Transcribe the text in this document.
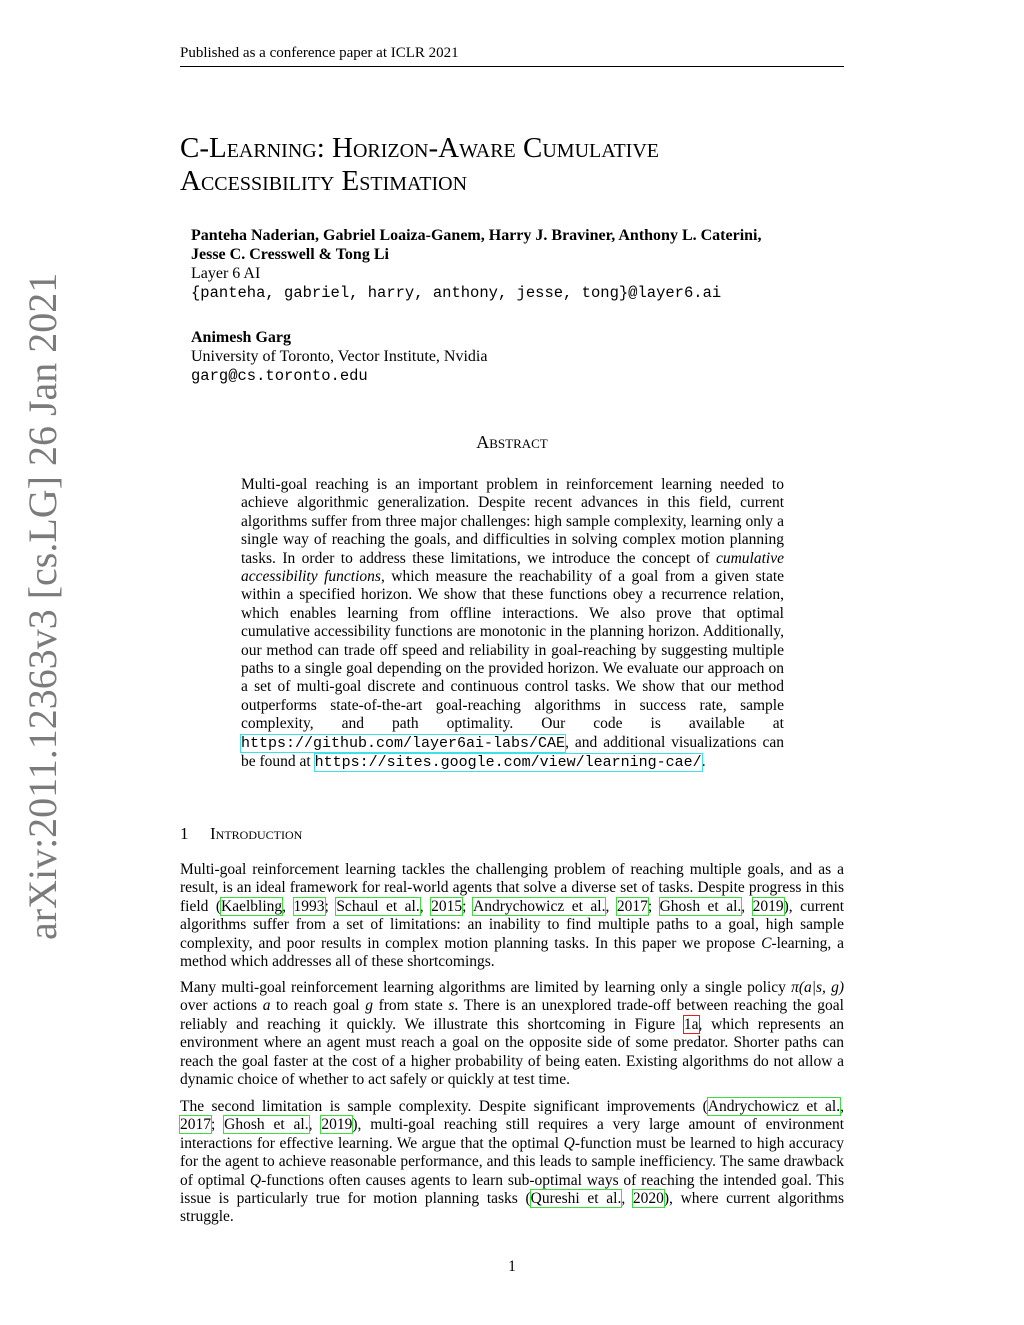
Published as a conference paper at ICLR 2021
arXiv:2011.12363v3 [cs.LG] 26 Jan 2021
C-Learning: Horizon-Aware Cumulative
Accessibility Estimation
Panteha Naderian, Gabriel Loaiza-Ganem, Harry J. Braviner, Anthony L. Caterini,
Jesse C. Cresswell & Tong Li
Layer 6 AI
{panteha, gabriel, harry, anthony, jesse, tong}@layer6.ai
Animesh Garg
University of Toronto, Vector Institute, Nvidia
garg@cs.toronto.edu
Abstract

Multi-goal reaching is an important problem in reinforcement learning needed to achieve algorithmic generalization. Despite recent advances in this field, current algorithms suffer from three major challenges: high sample complexity, learning only a single way of reaching the goals, and difficulties in solving complex motion planning tasks. In order to address these limitations, we introduce the concept of cumulative accessibility functions, which measure the reachability of a goal from a given state within a specified horizon. We show that these functions obey a recurrence relation, which enables learning from offline interactions. We also prove that optimal cumulative accessibility functions are monotonic in the planning horizon. Additionally, our method can trade off speed and reliability in goal-reaching by suggesting multiple paths to a single goal depending on the provided horizon. We evaluate our approach on a set of multi-goal discrete and continuous control tasks. We show that our method outperforms state-of-the-art goal-reaching algorithms in success rate, sample complexity, and path optimality. Our code is available at https://github.com/layer6ai-labs/CAE, and additional visualizations can be found at https://sites.google.com/view/learning-cae/.

1 Introduction

Multi-goal reinforcement learning tackles the challenging problem of reaching multiple goals, and as a result, is an ideal framework for real-world agents that solve a diverse set of tasks. Despite progress in this field (Kaelbling, 1993; Schaul et al., 2015; Andrychowicz et al., 2017; Ghosh et al., 2019), current algorithms suffer from a set of limitations: an inability to find multiple paths to a goal, high sample complexity, and poor results in complex motion planning tasks. In this paper we propose C-learning, a method which addresses all of these shortcomings.

Many multi-goal reinforcement learning algorithms are limited by learning only a single policy π(a|s, g) over actions a to reach goal g from state s. There is an unexplored trade-off between reaching the goal reliably and reaching it quickly. We illustrate this shortcoming in Figure 1a, which represents an environment where an agent must reach a goal on the opposite side of some predator. Shorter paths can reach the goal faster at the cost of a higher probability of being eaten. Existing algorithms do not allow a dynamic choice of whether to act safely or quickly at test time.

The second limitation is sample complexity. Despite significant improvements (Andrychowicz et al., 2017; Ghosh et al., 2019), multi-goal reaching still requires a very large amount of environment interactions for effective learning. We argue that the optimal Q-function must be learned to high accuracy for the agent to achieve reasonable performance, and this leads to sample inefficiency. The same drawback of optimal Q-functions often causes agents to learn sub-optimal ways of reaching the intended goal. This issue is particularly true for motion planning tasks (Qureshi et al., 2020), where current algorithms struggle.

1
